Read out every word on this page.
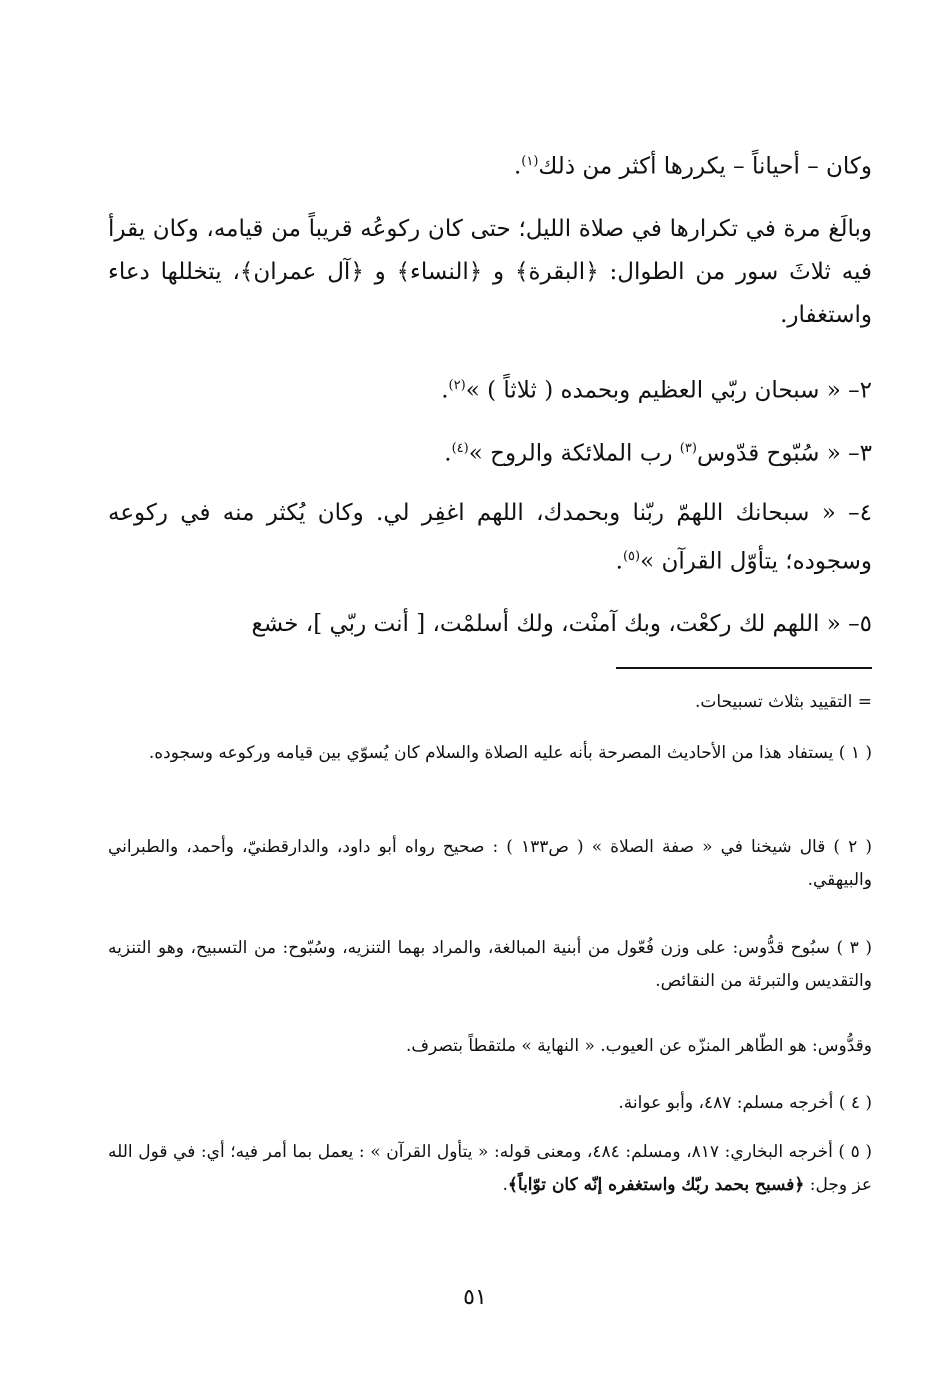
وكان – أحياناً – يكررها أكثر من ذلك$^{(١)}$.

وبالَغ مرة في تكرارها في صلاة الليل؛ حتى كان ركوعُه قريباً من قيامه، وكان يقرأ فيه ثلاثَ سور من الطوال: ﴿البقرة﴾ و ﴿النساء﴾ و ﴿آل عمران﴾، يتخللها دعاء واستغفار.

٢– « سبحان ربّي العظيم وبحمده ( ثلاثاً ) »$^{(٢)}$.

٣– « سُبّوح قدّوس$^{(٣)}$ رب الملائكة والروح »$^{(٤)}$.

٤– « سبحانك اللهمّ ربّنا وبحمدك، اللهم اغفِر لي. وكان يُكثر منه في ركوعه وسجوده؛ يتأوّل القرآن »$^{(٥)}$.

٥– « اللهم لك ركعْت، وبك آمنْت، ولك أسلمْت، [ أنت ربّي ]، خشع

= التقييد بثلاث تسبيحات.

( ١ ) يستفاد هذا من الأحاديث المصرحة بأنه عليه الصلاة والسلام كان يُسوّي بين قيامه وركوعه وسجوده.

( ٢ ) قال شيخنا في « صفة الصلاة » ( ص١٣٣ ) : صحيح رواه أبو داود، والدارقطنيّ، وأحمد، والطبراني والبيهقي.

( ٣ ) سبُوح قدُّوس: على وزن فُعّول من أبنية المبالغة، والمراد بهما التنزيه، وسُبّوح: من التسبيح، وهو التنزيه والتقديس والتبرئة من النقائص.

وقدُّوس: هو الطّاهر المنزّه عن العيوب. « النهاية » ملتقطاً بتصرف.

( ٤ ) أخرجه مسلم: ٤٨٧، وأبو عوانة.

( ٥ ) أخرجه البخاري: ٨١٧، ومسلم: ٤٨٤، ومعنى قوله: « يتأول القرآن » : يعمل بما أمر فيه؛ أي: في قول الله عز وجل: ﴿فسبح بحمد ربّك واستغفره إنّه كان توّاباً﴾.

٥١
